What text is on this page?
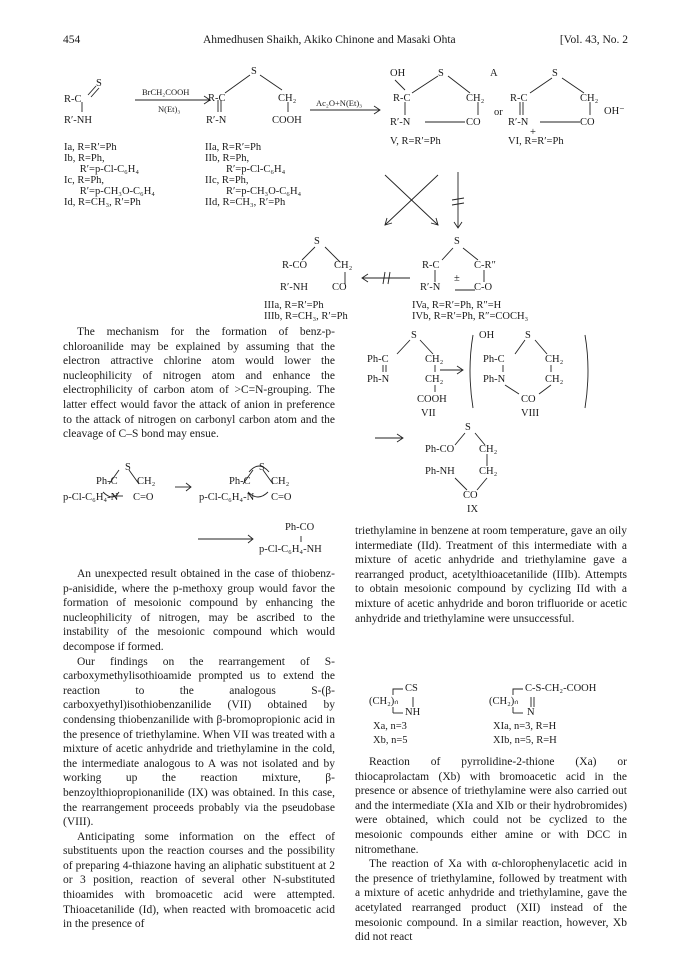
454	Ahmedhusen Shaikh, Akiko Chinone and Masaki Ohta	[Vol. 43, No. 2
R-C
S
R′-NH
BrCH₂COOH
N(Et)₃
S
R-C	CH₂
R′-N	COOH
Ac₂O+N(Et)₃
OH	S	A
R-C	CH₂
R′-N	CO
V, R=R′=Ph
or
S
R-C	CH₂
OH⁻
R′-N
+
CO
VI, R=R′=Ph
Ia, R=R′=Ph
Ib, R=Ph,
R′=p-Cl-C₆H₄
Ic, R=Ph,
R′=p-CH₃O-C₆H₄
Id, R=CH₃, R′=Ph
IIa, R=R′=Ph
IIb, R=Ph,
R′=p-Cl-C₆H₄
IIc, R=Ph,
R′=p-CH₃O-C₆H₄
IId, R=CH₃, R′=Ph
S
R-CO	CH₂
R′-NH CO
IIIa, R=R′=Ph
IIIb, R=CH₃, R′=Ph
S
R-C	C-R″
±
R′-N	C-O
IVa, R=R′=Ph, R″=H
IVb, R=R′=Ph, R″=COCH₃

The mechanism for the formation of benz-p-chloroanilide may be explained by assuming that the electron attractive chlorine atom would lower the nucleophilicity of nitrogen atom and enhance the electrophilicity of carbon atom of >C=N-grouping. The latter effect would favor the attack of anion in preference to the attack of nitrogen on carbonyl carbon atom and the cleavage of C–S bond may ensue.

Ph-C
S
CH₂
p-Cl-C₆H₄-N C=O
Ph-C
S
CH₂
p-Cl-C₆H₄-N C=O
Ph-CO
p-Cl-C₆H₄-NH

An unexpected result obtained in the case of thiobenz-p-anisidide, where the p-methoxy group would favor the formation of mesoionic compound by enhancing the nucleophilicity of nitrogen, may be ascribed to the instability of the mesoionic compound which would decompose if formed.

Our findings on the rearrangement of S-carboxymethylisothioamide prompted us to extend the reaction to the analogous S-(β-carboxyethyl)isothiobenzanilide (VII) obtained by condensing thiobenzanilide with β-bromopropionic acid in the presence of triethylamine. When VII was treated with a mixture of acetic anhydride and triethylamine in the cold, the intermediate analogous to A was not isolated and by working up the reaction mixture, β-benzoylthiopropionanilide (IX) was obtained. In this case, the rearrangement proceeds probably via the pseudobase (VIII).

Anticipating some information on the effect of substituents upon the reaction courses and the possibility of preparing 4-thiazone having an aliphatic substituent at 2 or 3 position, reaction of several other N-substituted thioamides with bromoacetic acid were attempted. Thioacetanilide (Id), when reacted with bromoacetic acid in the presence of

S
Ph-C	CH₂
Ph-N	CH₂
COOH
VII
OH	S
Ph-C	CH₂
Ph-N	CH₂
CO
VIII
S
Ph-CO CH₂
Ph-NH CH₂
CO
IX

triethylamine in benzene at room temperature, gave an oily intermediate (IId). Treatment of this intermediate with a mixture of acetic anhydride and triethylamine gave a rearranged product, acetylthioacetanilide (IIIb). Attempts to obtain mesoionic compound by cyclizing IId with a mixture of acetic anhydride and boron trifluoride or acetic anhydride and triethylamine were unsuccessful.

CS
(CH₂)ₙ
NH
Xa, n=3
Xb, n=5
C-S-CH₂-COOH
(CH₂)ₙ
N
XIa, n=3, R=H
XIb, n=5, R=H

Reaction of pyrrolidine-2-thione (Xa) or thiocaprolactam (Xb) with bromoacetic acid in the presence or absence of triethylamine were also carried out and the intermediate (XIa and XIb or their hydrobromides) were obtained, which could not be cyclized to the mesoionic compounds either amine or with DCC in nitromethane.

The reaction of Xa with α-chlorophenylacetic acid in the presence of triethylamine, followed by treatment with a mixture of acetic anhydride and triethylamine, gave the acetylated rearranged product (XII) instead of the mesoionic compound. In a similar reaction, however, Xb did not react
